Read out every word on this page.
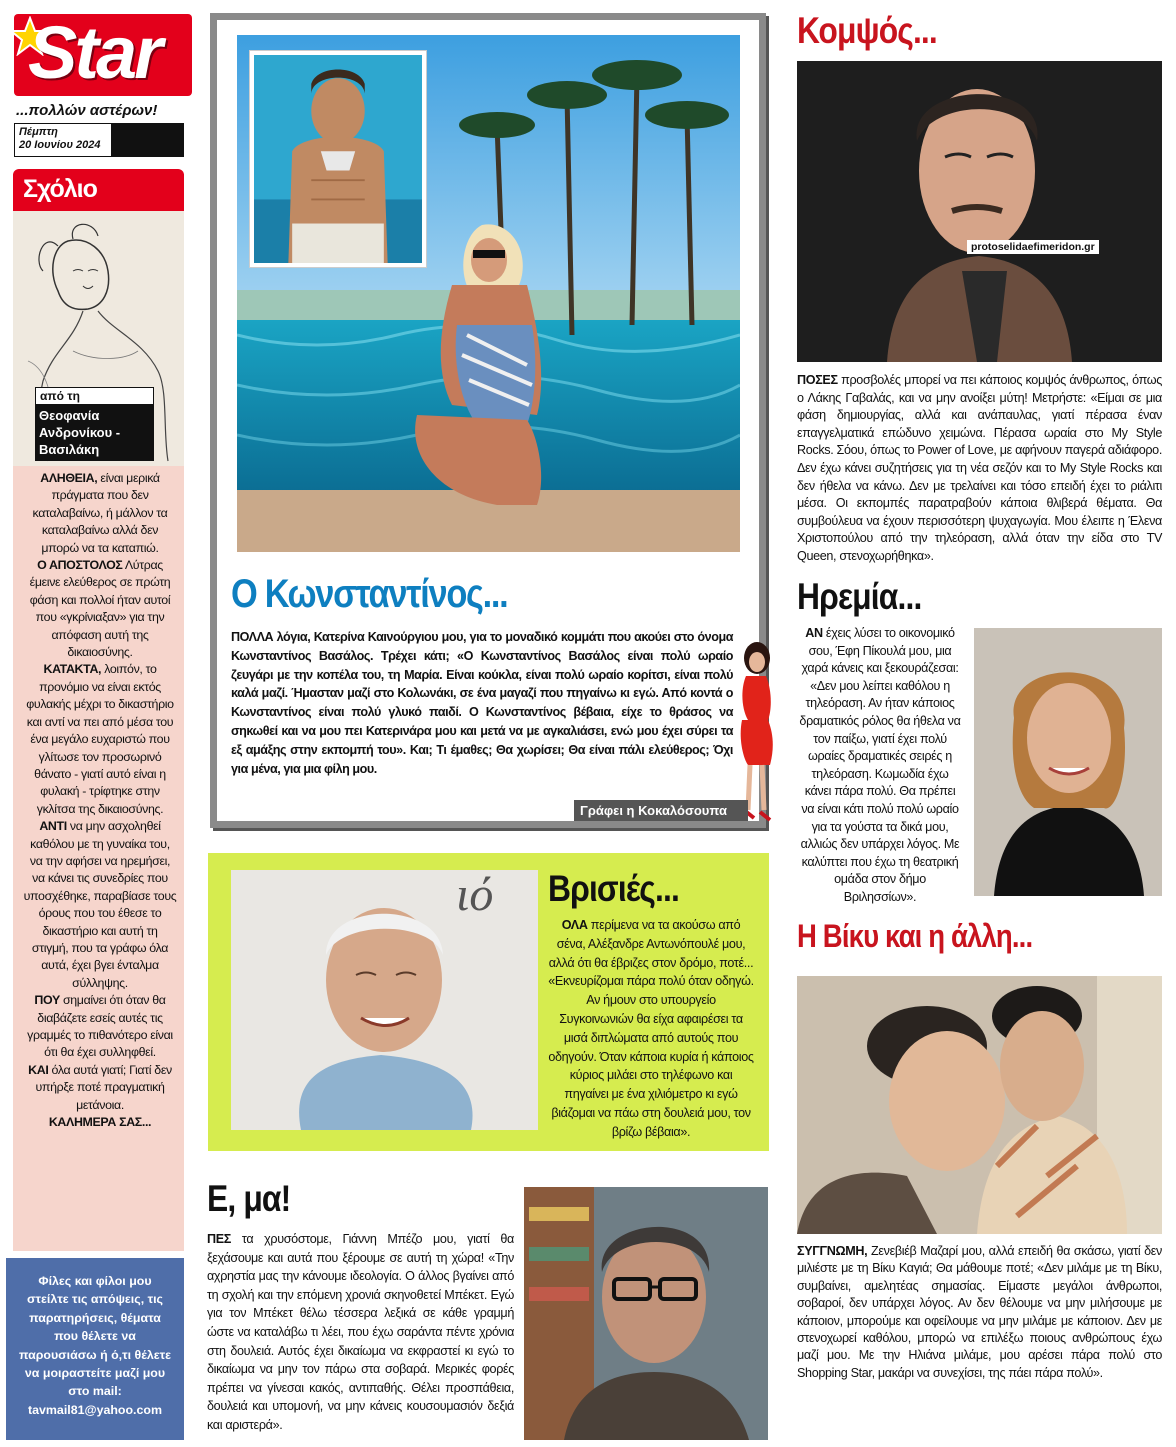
Star
...πολλών αστέρων!
Πέμπτη
20 Ιουνίου 2024
Σχόλιο
από τη
Θεοφανία Ανδρονίκου - Βασιλάκη
ΑΛΗΘΕΙΑ, είναι μερικά πράγματα που δεν καταλαβαίνω, ή μάλλον τα καταλαβαίνω αλλά δεν μπορώ να τα καταπιώ.
Ο ΑΠΟΣΤΟΛΟΣ Λύτρας έμεινε ελεύθερος σε πρώτη φάση και πολλοί ήταν αυτοί που «γκρίνιαξαν» για την απόφαση αυτή της δικαιοσύνης.
ΚΑΤΑΚΤΑ, λοιπόν, το προνόμιο να είναι εκτός φυλακής μέχρι το δικαστήριο και αντί να πει από μέσα του ένα μεγάλο ευχαριστώ που γλίτωσε τον προσωρινό θάνατο - γιατί αυτό είναι η φυλακή - τρίφτηκε στην γκλίτσα της δικαιοσύνης.
ΑΝΤΙ να μην ασχοληθεί καθόλου με τη γυναίκα του, να την αφήσει να ηρεμήσει, να κάνει τις συνεδρίες που υποσχέθηκε, παραβίασε τους όρους που του έθεσε το δικαστήριο και αυτή τη στιγμή, που τα γράφω όλα αυτά, έχει βγει ένταλμα σύλληψης.
ΠΟΥ σημαίνει ότι όταν θα διαβάζετε εσείς αυτές τις γραμμές το πιθανότερο είναι ότι θα έχει συλληφθεί.
ΚΑΙ όλα αυτά γιατί; Γιατί δεν υπήρξε ποτέ πραγματική μετάνοια.
ΚΑΛΗΜΕΡΑ ΣΑΣ...
Φίλες και φίλοι μου στείλτε τις απόψεις, τις παρατηρήσεις, θέματα που θέλετε να παρουσιάσω ή ό,τι θέλετε να μοιραστείτε μαζί μου στο mail:
tavmail81@yahoo.com
Ο Κωνσταντίνος...
ΠΟΛΛΑ λόγια, Κατερίνα Καινούργιου μου, για το μοναδικό κομμάτι που ακούει στο όνομα Κωνσταντίνος Βασάλος. Τρέχει κάτι; «Ο Κωνσταντίνος Βασάλος είναι πολύ ωραίο ζευγάρι με την κοπέλα του, τη Μαρία. Είναι κούκλα, είναι πολύ ωραίο κορίτσι, είναι πολύ καλά μαζί. Ήμασταν μαζί στο Κολωνάκι, σε ένα μαγαζί που πηγαίνω κι εγώ. Από κοντά ο Κωνσταντίνος είναι πολύ γλυκό παιδί. Ο Κωνσταντίνος βέβαια, είχε το θράσος να σηκωθεί και να μου πει Κατερινάρα μου και μετά να με αγκαλιάσει, ενώ μου έχει σύρει τα εξ αμάξης στην εκπομπή του». Και; Τι έμαθες; Θα χωρίσει; Θα είναι πάλι ελεύθερος; Όχι για μένα, για μια φίλη μου.
Γράφει η Κοκαλόσουπα
ιό Βρισιές...
ΟΛΑ περίμενα να τα ακούσω από σένα, Αλέξανδρε Αντωνόπουλέ μου, αλλά ότι θα έβριζες στον δρόμο, ποτέ... «Εκνευρίζομαι πάρα πολύ όταν οδηγώ. Αν ήμουν στο υπουργείο Συγκοινωνιών θα είχα αφαιρέσει τα μισά διπλώματα από αυτούς που οδηγούν. Όταν κάποια κυρία ή κάποιος κύριος μιλάει στο τηλέφωνο και πηγαίνει με ένα χιλιόμετρο κι εγώ βιάζομαι να πάω στη δουλειά μου, τον βρίζω βέβαια».
Ε, μα!
ΠΕΣ τα χρυσόστομε, Γιάννη Μπέζο μου, γιατί θα ξεχάσουμε και αυτά που ξέρουμε σε αυτή τη χώρα! «Την αχρηστία μας την κάνουμε ιδεολογία. Ο άλλος βγαίνει από τη σχολή και την επόμενη χρονιά σκηνοθετεί Μπέκετ. Εγώ για τον Μπέκετ θέλω τέσσερα λεξικά σε κάθε γραμμή ώστε να καταλάβω τι λέει, που έχω σαράντα πέντε χρόνια στη δουλειά. Αυτός έχει δικαίωμα να εκφραστεί κι εγώ το δικαίωμα να μην τον πάρω στα σοβαρά. Μερικές φορές πρέπει να γίνεσαι κακός, αντιπαθής. Θέλει προσπάθεια, δουλειά και υπομονή, να μην κάνεις κουσουμασιόν δεξιά και αριστερά».
Κομψός...
protoselidaefimeridon.gr
ΠΟΣΕΣ προσβολές μπορεί να πει κάποιος κομψός άνθρωπος, όπως ο Λάκης Γαβαλάς, και να μην ανοίξει μύτη! Μετρήστε: «Είμαι σε μια φάση δημιουργίας, αλλά και ανάπαυλας, γιατί πέρασα έναν επαγγελματικά επώδυνο χειμώνα. Πέρασα ωραία στο My Style Rocks. Σόου, όπως το Power of Love, με αφήνουν παγερά αδιάφορο. Δεν έχω κάνει συζητήσεις για τη νέα σεζόν και το My Style Rocks και δεν ήθελα να κάνω. Δεν με τρελαίνει και τόσο επειδή έχει το ριάλιτι μέσα. Οι εκπομπές παρατραβούν κάποια θλιβερά θέματα. Θα συμβούλευα να έχουν περισσότερη ψυχαγωγία. Μου έλειπε η Έλενα Χριστοπούλου από την τηλεόραση, αλλά όταν την είδα στο TV Queen, στενοχωρήθηκα».
Ηρεμία...
ΑΝ έχεις λύσει το οικονομικό σου, Έφη Πίκουλά μου, μια χαρά κάνεις και ξεκουράζεσαι: «Δεν μου λείπει καθόλου η τηλεόραση. Αν ήταν κάποιος δραματικός ρόλος θα ήθελα να τον παίξω, γιατί έχει πολύ ωραίες δραματικές σειρές η τηλεόραση. Κωμωδία έχω κάνει πάρα πολύ. Θα πρέπει να είναι κάτι πολύ πολύ ωραίο για τα γούστα τα δικά μου, αλλιώς δεν υπάρχει λόγος. Με καλύπτει που έχω τη θεατρική ομάδα στον δήμο Βριλησσίων».
Η Βίκυ και η άλλη...
ΣΥΓΓΝΩΜΗ, Ζενεβιέβ Μαζαρί μου, αλλά επειδή θα σκάσω, γιατί δεν μιλιέστε με τη Βίκυ Καγιά; Θα μάθουμε ποτέ; «Δεν μιλάμε με τη Βίκυ, συμβαίνει, αμελητέας σημασίας. Είμαστε μεγάλοι άνθρωποι, σοβαροί, δεν υπάρχει λόγος. Αν δεν θέλουμε να μην μιλήσουμε με κάποιον, μπορούμε και οφείλουμε να μην μιλάμε με κάποιον. Δεν με στενοχωρεί καθόλου, μπορώ να επιλέξω ποιους ανθρώπους έχω μαζί μου. Με την Ηλιάνα μιλάμε, μου αρέσει πάρα πολύ στο Shopping Star, μακάρι να συνεχίσει, της πάει πάρα πολύ».
